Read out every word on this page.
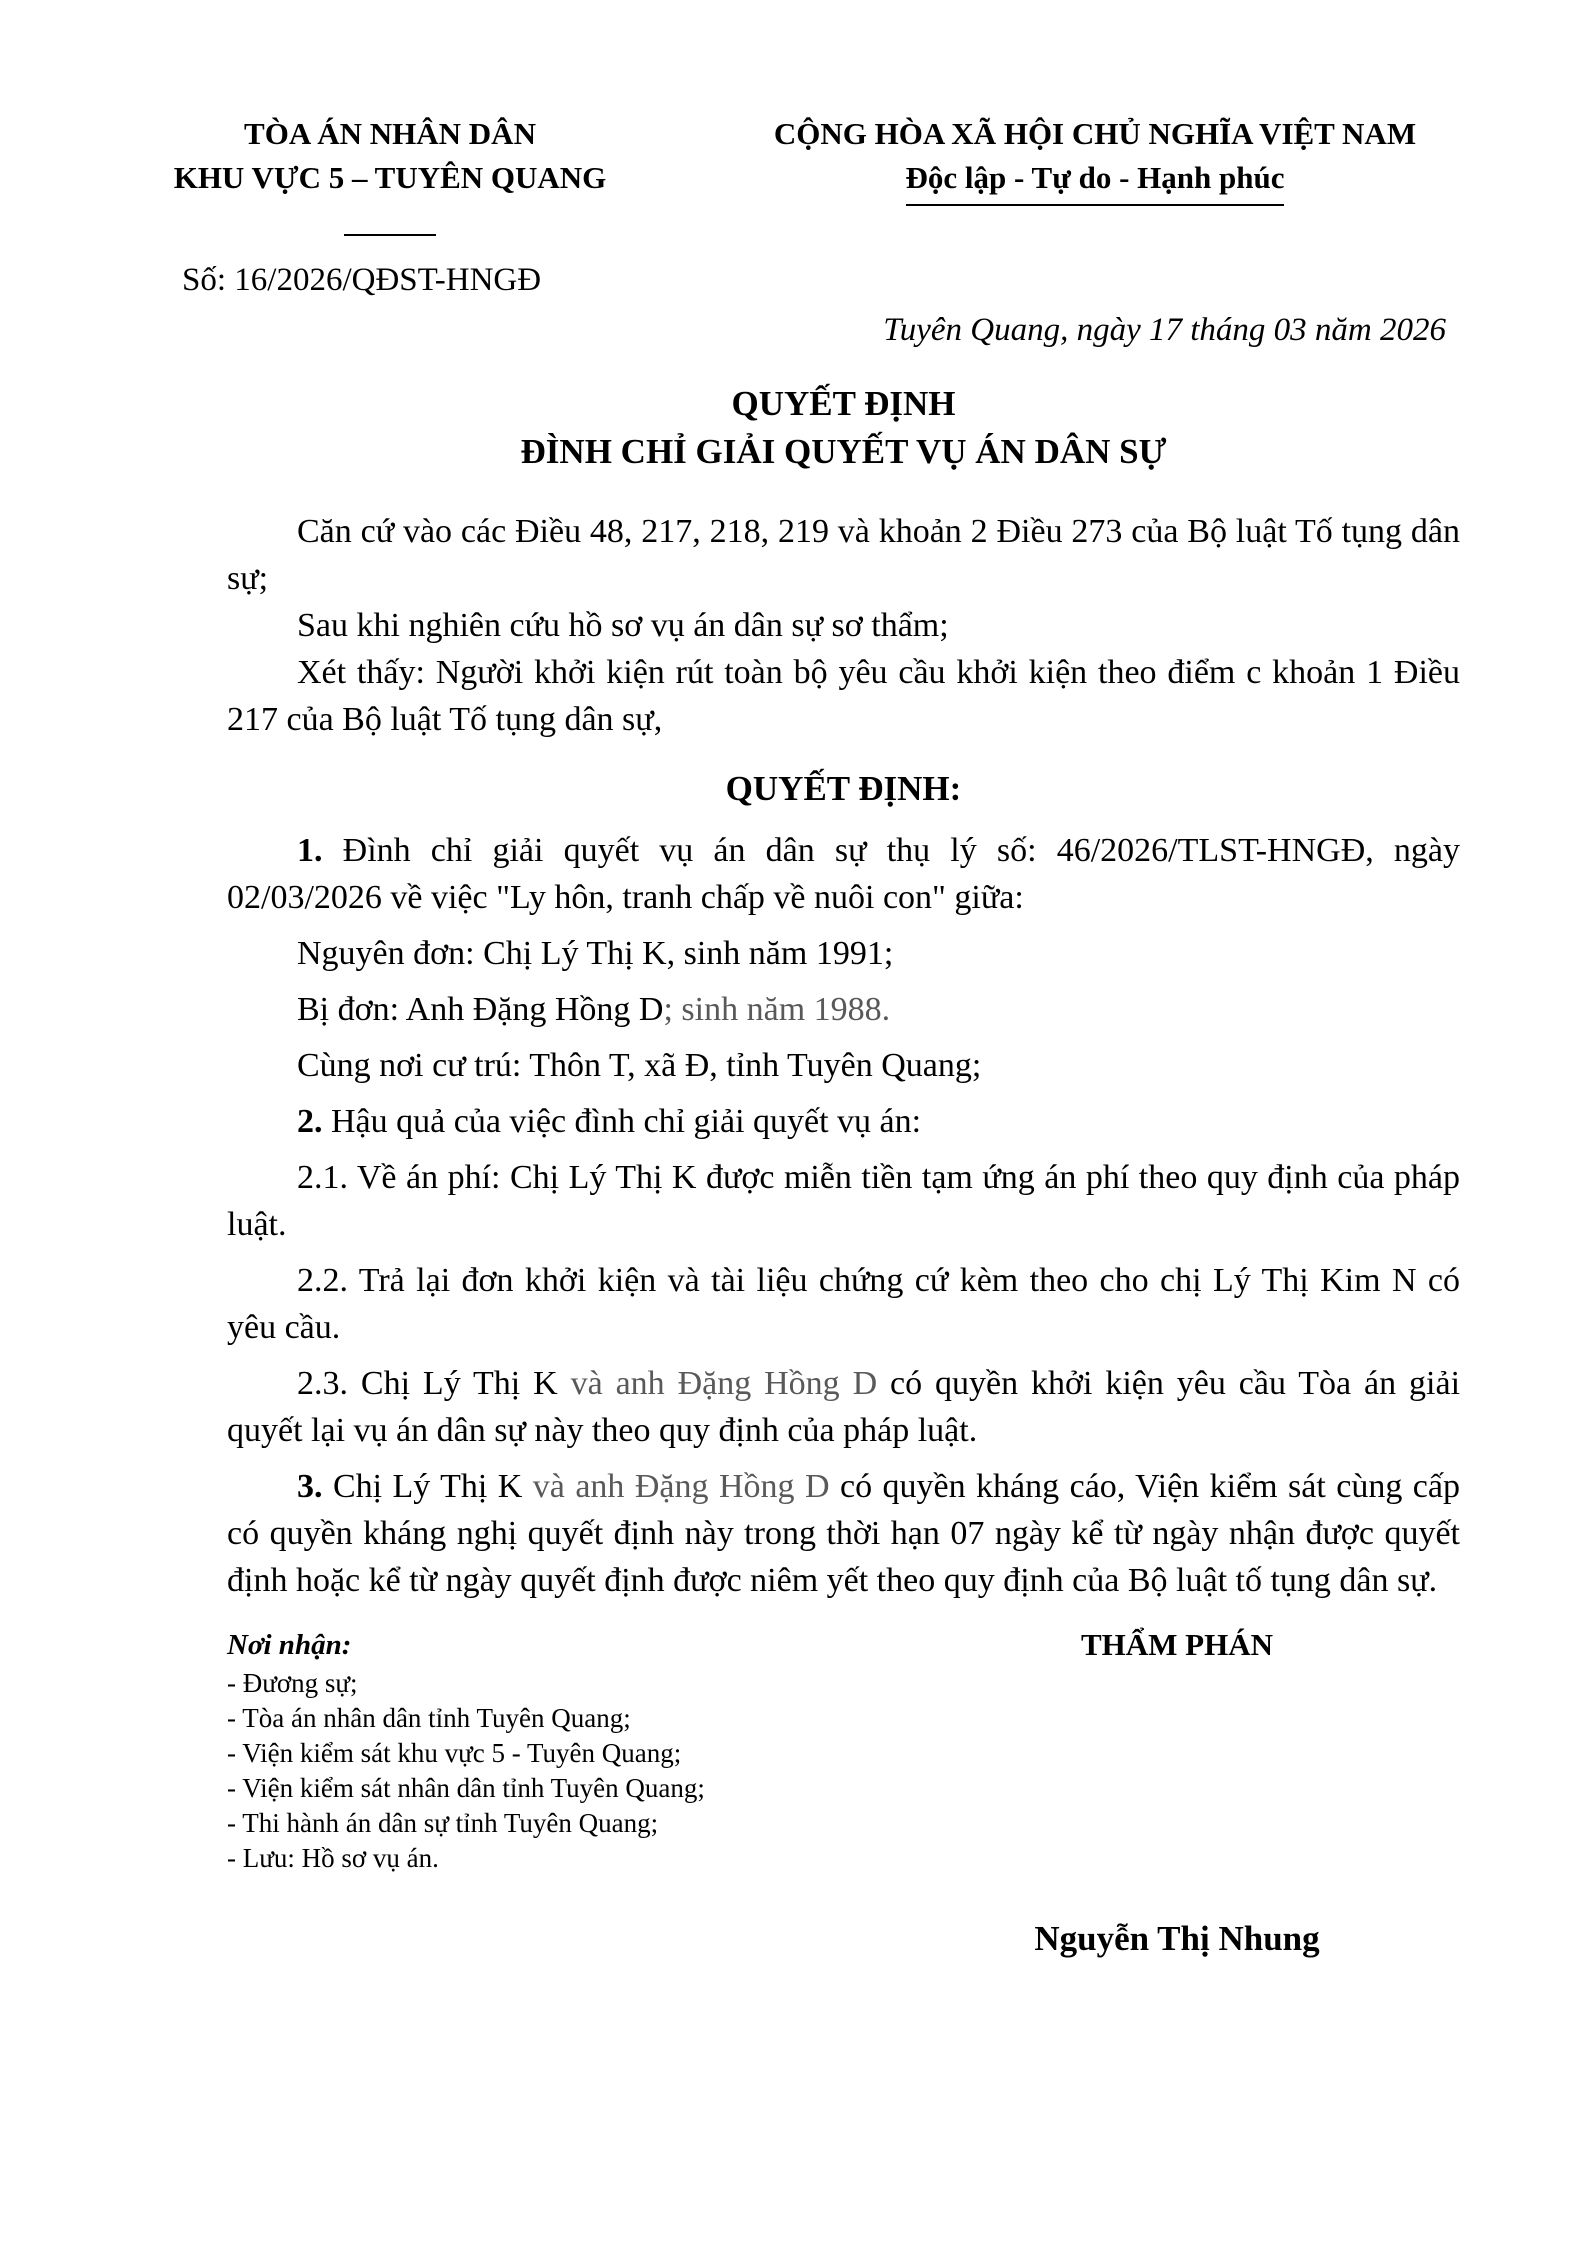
TÒA ÁN NHÂN DÂN
KHU VỰC 5 – TUYÊN QUANG
CỘNG HÒA XÃ HỘI CHỦ NGHĨA VIỆT NAM
Độc lập - Tự do - Hạnh phúc
Số: 16/2026/QĐST-HNGĐ
Tuyên Quang, ngày 17 tháng 03 năm 2026
QUYẾT ĐỊNH
ĐÌNH CHỈ GIẢI QUYẾT VỤ ÁN DÂN SỰ

Căn cứ vào các Điều 48, 217, 218, 219 và khoản 2 Điều 273 của Bộ luật Tố tụng dân sự;

Sau khi nghiên cứu hồ sơ vụ án dân sự sơ thẩm;

Xét thấy: Người khởi kiện rút toàn bộ yêu cầu khởi kiện theo điểm c khoản 1 Điều 217 của Bộ luật Tố tụng dân sự,

QUYẾT ĐỊNH:

1. Đình chỉ giải quyết vụ án dân sự thụ lý số: 46/2026/TLST-HNGĐ, ngày 02/03/2026 về việc "Ly hôn, tranh chấp về nuôi con" giữa:

Nguyên đơn: Chị Lý Thị K, sinh năm 1991;

Bị đơn: Anh Đặng Hồng D; sinh năm 1988.

Cùng nơi cư trú: Thôn T, xã Đ, tỉnh Tuyên Quang;

2. Hậu quả của việc đình chỉ giải quyết vụ án:

2.1. Về án phí: Chị Lý Thị K được miễn tiền tạm ứng án phí theo quy định của pháp luật.

2.2. Trả lại đơn khởi kiện và tài liệu chứng cứ kèm theo cho chị Lý Thị Kim N có yêu cầu.

2.3. Chị Lý Thị K và anh Đặng Hồng D có quyền khởi kiện yêu cầu Tòa án giải quyết lại vụ án dân sự này theo quy định của pháp luật.

3. Chị Lý Thị K và anh Đặng Hồng D có quyền kháng cáo, Viện kiểm sát cùng cấp có quyền kháng nghị quyết định này trong thời hạn 07 ngày kể từ ngày nhận được quyết định hoặc kể từ ngày quyết định được niêm yết theo quy định của Bộ luật tố tụng dân sự.

Nơi nhận:
- Đương sự;
- Tòa án nhân dân tỉnh Tuyên Quang;
- Viện kiểm sát khu vực 5 - Tuyên Quang;
- Viện kiểm sát nhân dân tỉnh Tuyên Quang;
- Thi hành án dân sự tỉnh Tuyên Quang;
- Lưu: Hồ sơ vụ án.
THẨM PHÁN
Nguyễn Thị Nhung
